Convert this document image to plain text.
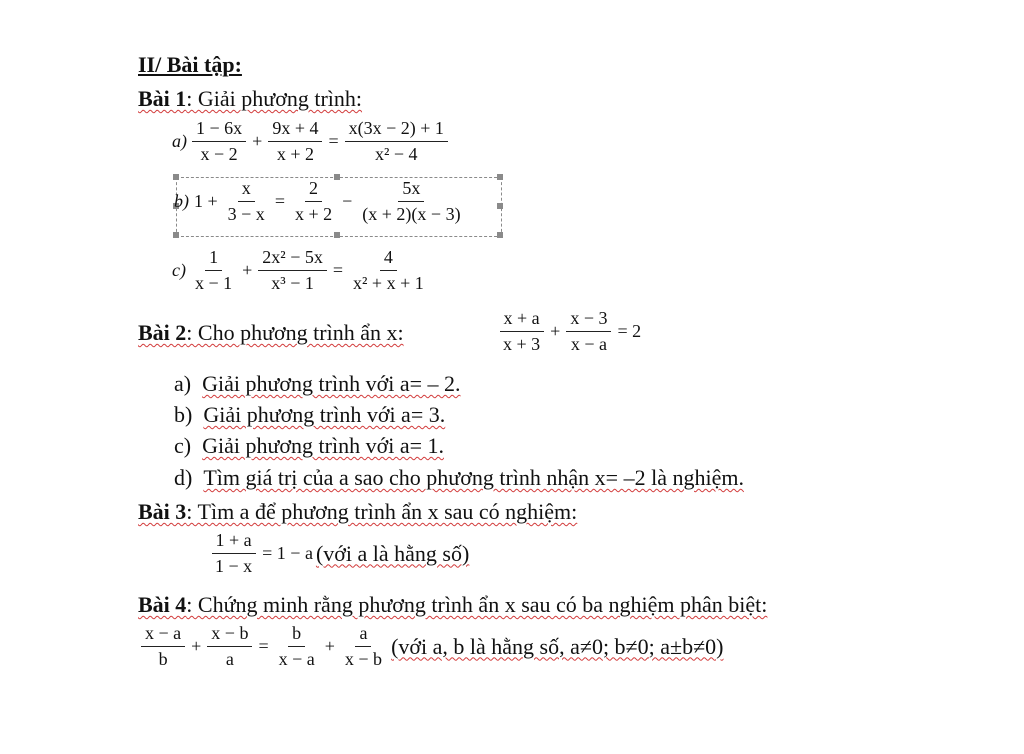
II/ Bài tập:
Bài 1: Giải phương trình:
$a) \frac{1 - 6x}{x - 2} + \frac{9x + 4}{x + 2} = \frac{x(3x - 2) + 1}{\text{x² − 4}}$
b) $1 + \frac{x}{3 - x} = \frac{2}{x + 2} - \frac{5x}{(x + 2)(x - 3)}$
$c) \frac{1}{x - 1} + \frac{\text{2x² − 5x}}{\text{x³ − 1}} = \frac{4}{\text{x² + x + 1}}$
Bài 2: Cho phương trình ẩn x:	$\frac{x + a}{x + 3} + \frac{x - 3}{x - a} = 2$
a) Giải phương trình với a= – 2.
b) Giải phương trình với a= 3.
c) Giải phương trình với a= 1.
d) Tìm giá trị của a sao cho phương trình nhận x= –2 là nghiệm.
Bài 3: Tìm a để phương trình ẩn x sau có nghiệm:
$\frac{1 + a}{1 - x} = 1 - a$ (với a là hằng số)
Bài 4: Chứng minh rằng phương trình ẩn x sau có ba nghiệm phân biệt:
$\frac{x - a}{b} + \frac{x - b}{a} = \frac{b}{x - a} + \frac{a}{x - b}$ (với a, b là hằng số, a≠0; b≠0; a±b≠0)
